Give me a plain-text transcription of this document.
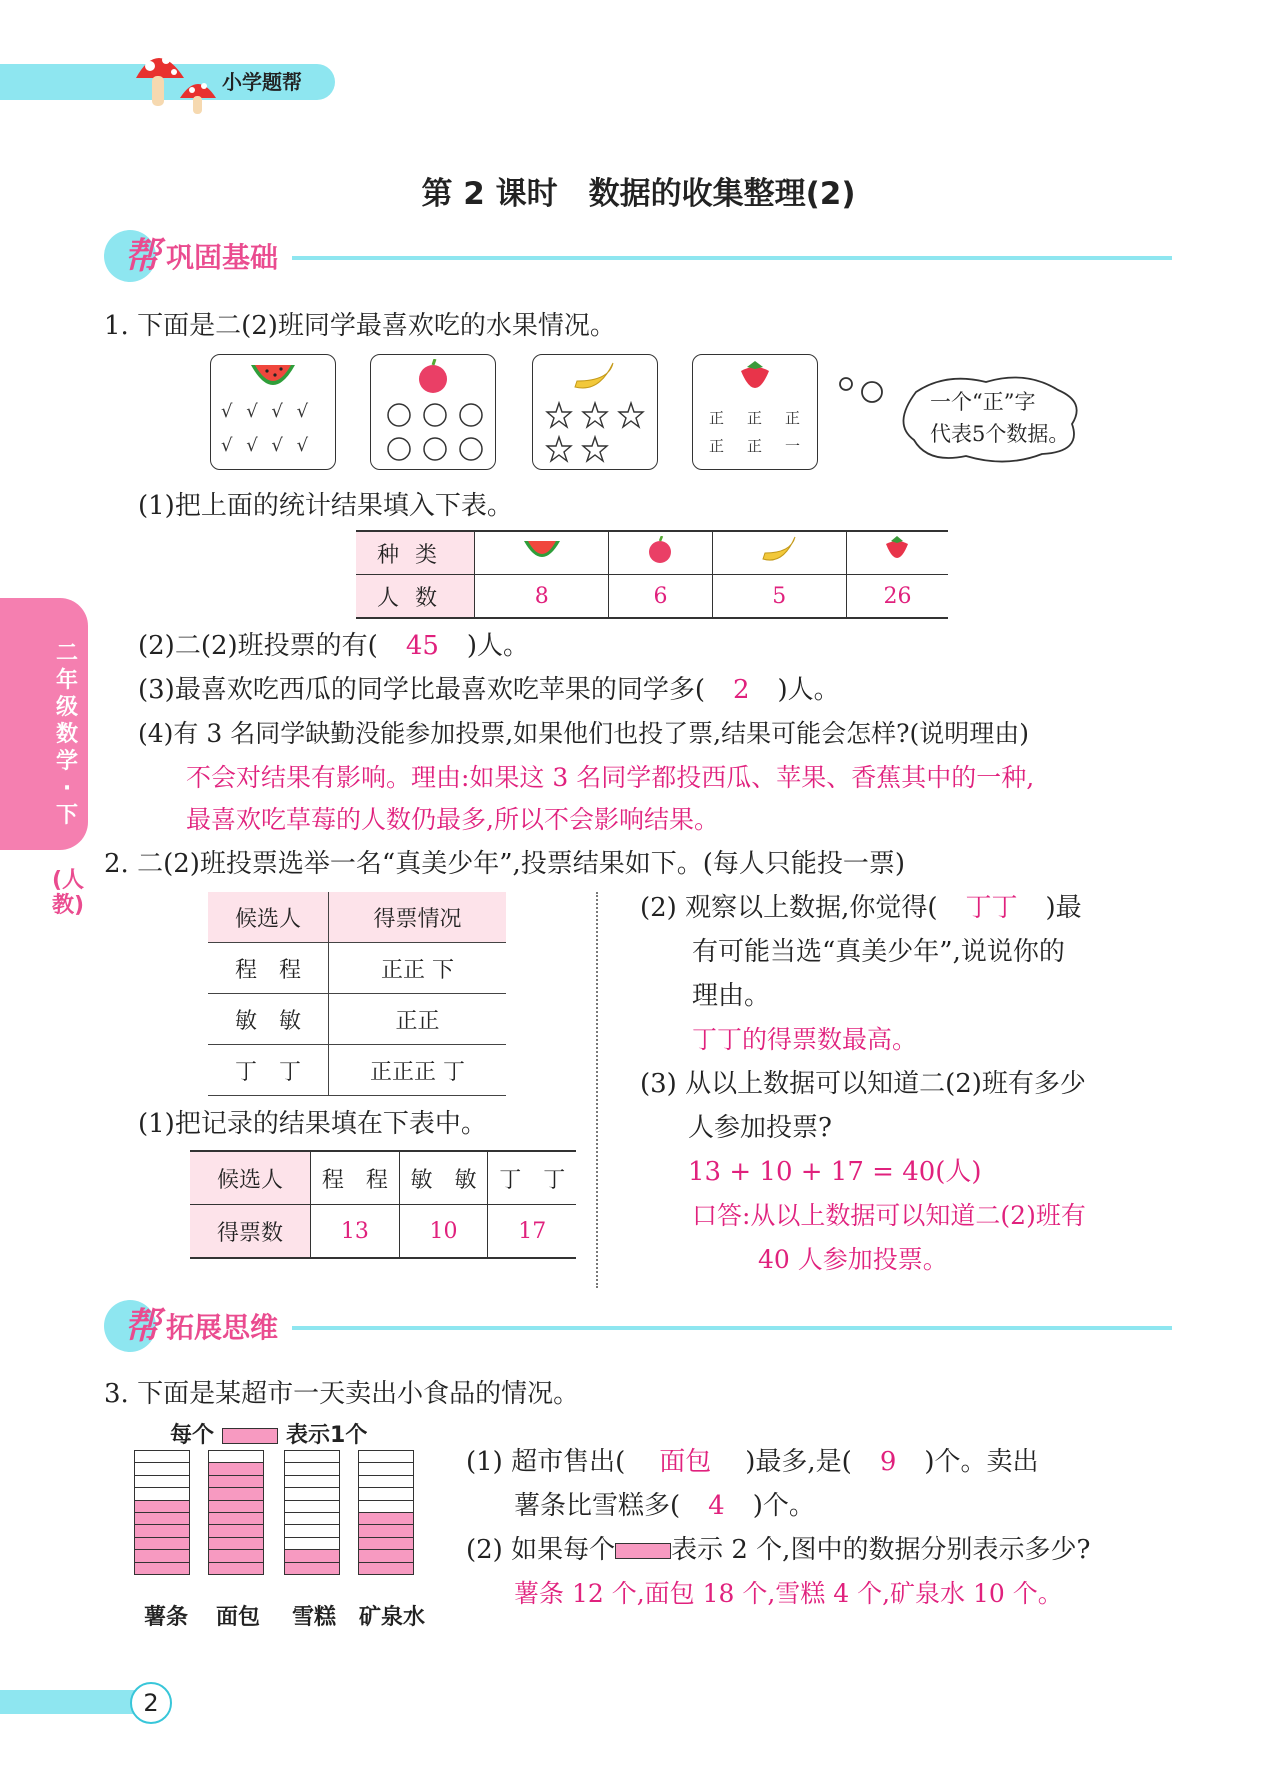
小学题帮
第 2 课时　数据的收集整理(2)
帮 巩固基础
二年级数学·下
(人教)
1. 下面是二(2)班同学最喜欢吃的水果情况。
√ √ √ √
√ √ √ √
正　正　正
正　正　一
一个“正”字
代表5个数据。
(1)把上面的统计结果填入下表。
种类				
人数	8	6	5	26
(2)二(2)班投票的有( 45 )人。
(3)最喜欢吃西瓜的同学比最喜欢吃苹果的同学多( 2 )人。
(4)有 3 名同学缺勤没能参加投票,如果他们也投了票,结果可能会怎样?(说明理由)
不会对结果有影响。理由:如果这 3 名同学都投西瓜、苹果、香蕉其中的一种,
最喜欢吃草莓的人数仍最多,所以不会影响结果。
2. 二(2)班投票选举一名“真美少年”,投票结果如下。(每人只能投一票)
候选人	得票情况
程　程	正正 下
敏　敏	正正
丁　丁	正正正 丁
(1)把记录的结果填在下表中。
候选人	程　程	敏　敏	丁　丁
得票数	13	10	17
(2) 观察以上数据,你觉得( 丁丁 )最
有可能当选“真美少年”,说说你的
理由。
丁丁的得票数最高。
(3) 从以上数据可以知道二(2)班有多少
人参加投票?
13 + 10 + 17 = 40(人)
口答:从以上数据可以知道二(2)班有
40 人参加投票。
帮 拓展思维
3. 下面是某超市一天卖出小食品的情况。
每个	表示1个
薯条 面包 雪糕	矿泉水
(1) 超市售出( 面包 )最多,是( 9 )个。卖出
薯条比雪糕多( 4 )个。
(2) 如果每个 表示 2 个,图中的数据分别表示多少?
薯条 12 个,面包 18 个,雪糕 4 个,矿泉水 10 个。
2
